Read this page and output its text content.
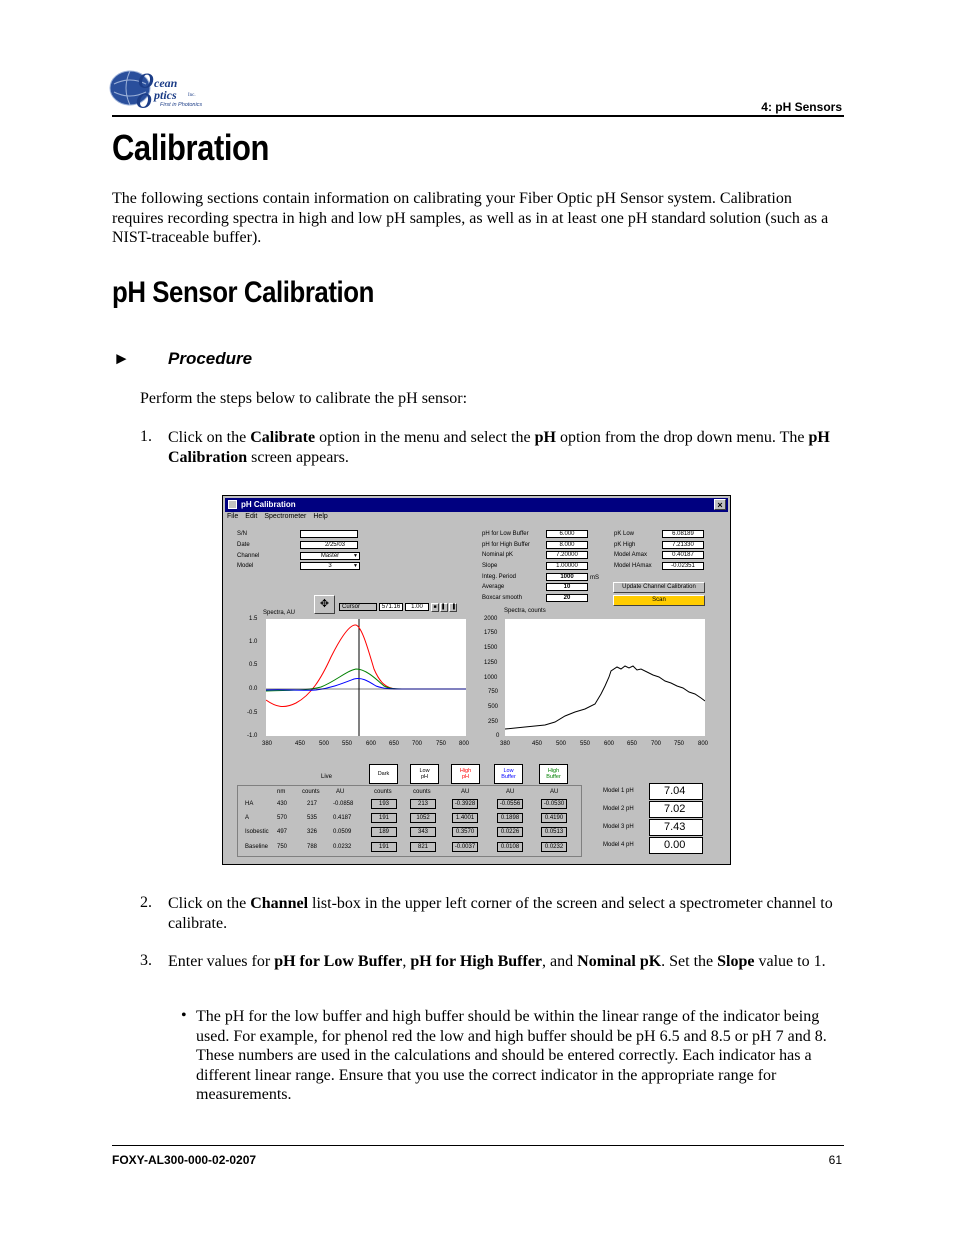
O
O
cean
ptics Inc.
First in Photonics	4: pH Sensors
Calibration
The following sections contain information on calibrating your Fiber Optic pH Sensor system. Calibration requires recording spectra in high and low pH samples, as well as in at least one pH standard solution (such as a NIST-traceable buffer).
pH Sensor Calibration
► Procedure
Perform the steps below to calibrate the pH sensor:
1. Click on the Calibrate option in the menu and select the pH option from the drop down menu. The pH Calibration screen appears.
pH Calibration	×
File Edit Spectrometer Help
S/N
Date	2/25/03
Channel	Master	▼
Model	3	▼
pH for Low Buffer	6.000
pH for High Buffer	8.000
Nominal pK	7.20000
Slope	1.00000
Integ. Period	1000	mS
Average	10
Boxcar smooth	20
pK Low	6.08189
pK High	7.21330
Model Amax	0.40187
Model HAmax	-0.02351
Update Channel Calibration
Scan
✥	Cursor	571.16	1.00	■	▌	▐
Spectra, AU
1.5
1.0
0.5
0.0
-0.5
-1.0
380	450 500 550 600 650 700 750 800
Spectra, counts
2000
1750
1500
1250
1000
750
500
250
0
380	450 500 550 600 650 700 750 800
Live	Dark	Low
pH
High
pH
Low
Buffer
High
Buffer
nm	counts	AU	counts	counts	AU	AU	AU
HA	430	217	-0.0858	193	213	-0.3928	-0.0556	-0.0530
A	570	535	0.4187	191	1052	1.4001	0.1898	0.4190
Isobestic 497	326	0.0509	189	343	0.3570	0.0226	0.0513
Baseline 750	788	0.0232	191	821	-0.0037	0.0108	0.0232
Model 1 pH	7.04
Model 2 pH	7.02
Model 3 pH	7.43
Model 4 pH	0.00
2. Click on the Channel list-box in the upper left corner of the screen and select a spectrometer channel to calibrate.
3. Enter values for pH for Low Buffer, pH for High Buffer, and Nominal pK. Set the Slope value to 1.
• The pH for the low buffer and high buffer should be within the linear range of the indicator being used. For example, for phenol red the low and high buffer should be pH 6.5 and 8.5 or pH 7 and 8. These numbers are used in the calculations and should be entered correctly. Each indicator has a different linear range. Ensure that you use the correct indicator in the appropriate range for measurements.
FOXY-AL300-000-02-0207	61
